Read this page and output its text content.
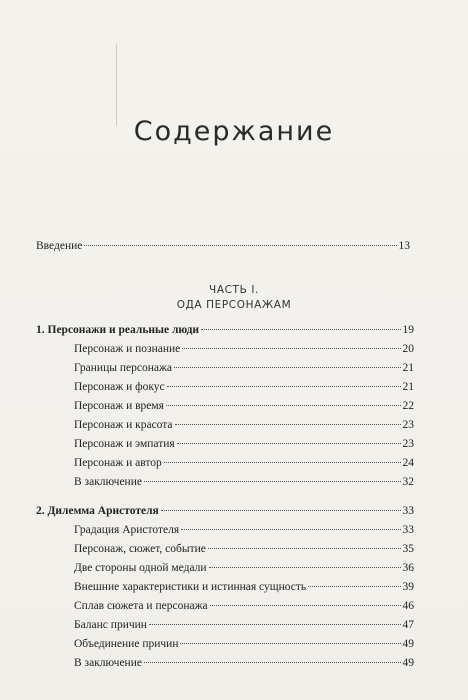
Содержание
Введение	13
ЧАСТЬ I.
ОДА ПЕРСОНАЖАМ
1. Персонажи и реальные люди	19
Персонаж и познание	20
Границы персонажа	21
Персонаж и фокус	21
Персонаж и время	22
Персонаж и красота	23
Персонаж и эмпатия	23
Персонаж и автор	24
В заключение	32
2. Дилемма Аристотеля	33
Градация Аристотеля	33
Персонаж, сюжет, событие	35
Две стороны одной медали	36
Внешние характеристики и истинная сущность	39
Сплав сюжета и персонажа	46
Баланс причин	47
Объединение причин	49
В заключение	49
